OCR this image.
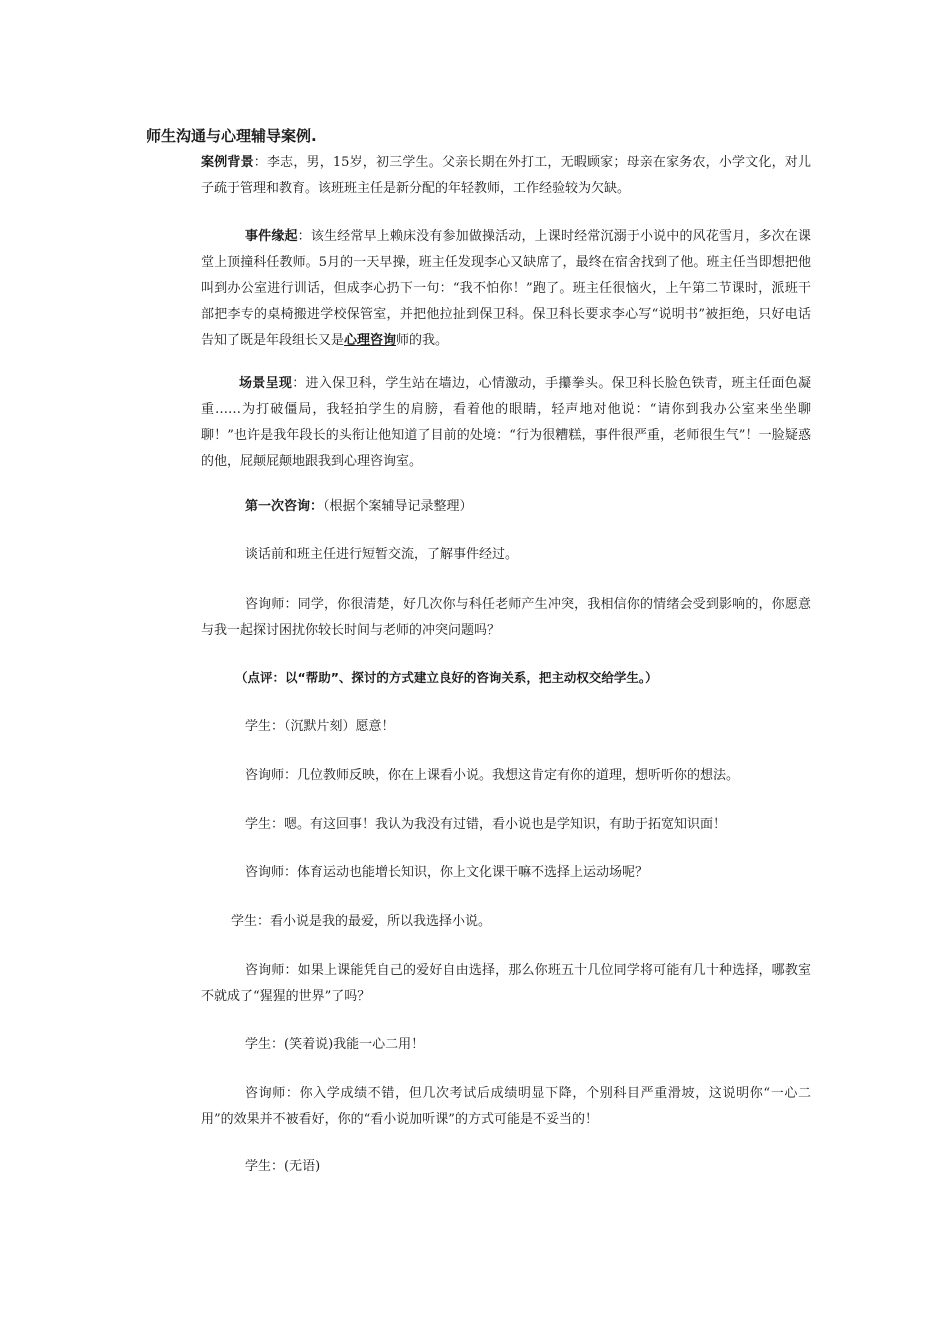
师生沟通与心理辅导案例.

案例背景：李志，男，15岁，初三学生。父亲长期在外打工，无暇顾家；母亲在家务农，小学文化，对儿子疏于管理和教育。该班班主任是新分配的年轻教师，工作经验较为欠缺。

事件缘起：该生经常早上赖床没有参加做操活动，上课时经常沉溺于小说中的风花雪月，多次在课堂上顶撞科任教师。5月的一天早操，班主任发现李心又缺席了，最终在宿舍找到了他。班主任当即想把他叫到办公室进行训话，但成李心扔下一句：“我不怕你！”跑了。班主任很恼火，上午第二节课时，派班干部把李专的桌椅搬进学校保管室，并把他拉扯到保卫科。保卫科长要求李心写“说明书”被拒绝，只好电话告知了既是年段组长又是心理咨询师的我。

场景呈现：进入保卫科，学生站在墙边，心情激动，手攥拳头。保卫科长脸色铁青，班主任面色凝重……为打破僵局，我轻拍学生的肩膀，看着他的眼睛，轻声地对他说：“请你到我办公室来坐坐聊聊！”也许是我年段长的头衔让他知道了目前的处境：“行为很糟糕，事件很严重，老师很生气”！一脸疑惑的他，屁颠屁颠地跟我到心理咨询室。

第一次咨询：（根据个案辅导记录整理）

谈话前和班主任进行短暂交流，了解事件经过。

咨询师：同学，你很清楚，好几次你与科任老师产生冲突，我相信你的情绪会受到影响的，你愿意与我一起探讨困扰你较长时间与老师的冲突问题吗？

（点评：以“帮助”、探讨的方式建立良好的咨询关系，把主动权交给学生。）

学生：（沉默片刻）愿意！

咨询师：几位教师反映，你在上课看小说。我想这肯定有你的道理，想听听你的想法。

学生：嗯。有这回事！我认为我没有过错，看小说也是学知识，有助于拓宽知识面！

咨询师：体育运动也能增长知识，你上文化课干嘛不选择上运动场呢？

学生：看小说是我的最爱，所以我选择小说。

咨询师：如果上课能凭自己的爱好自由选择，那么你班五十几位同学将可能有几十种选择，哪教室不就成了“猩猩的世界”了吗？

学生：(笑着说)我能一心二用！

咨询师：你入学成绩不错，但几次考试后成绩明显下降，个别科目严重滑坡，这说明你“一心二用”的效果并不被看好，你的“看小说加听课”的方式可能是不妥当的！

学生：(无语)
